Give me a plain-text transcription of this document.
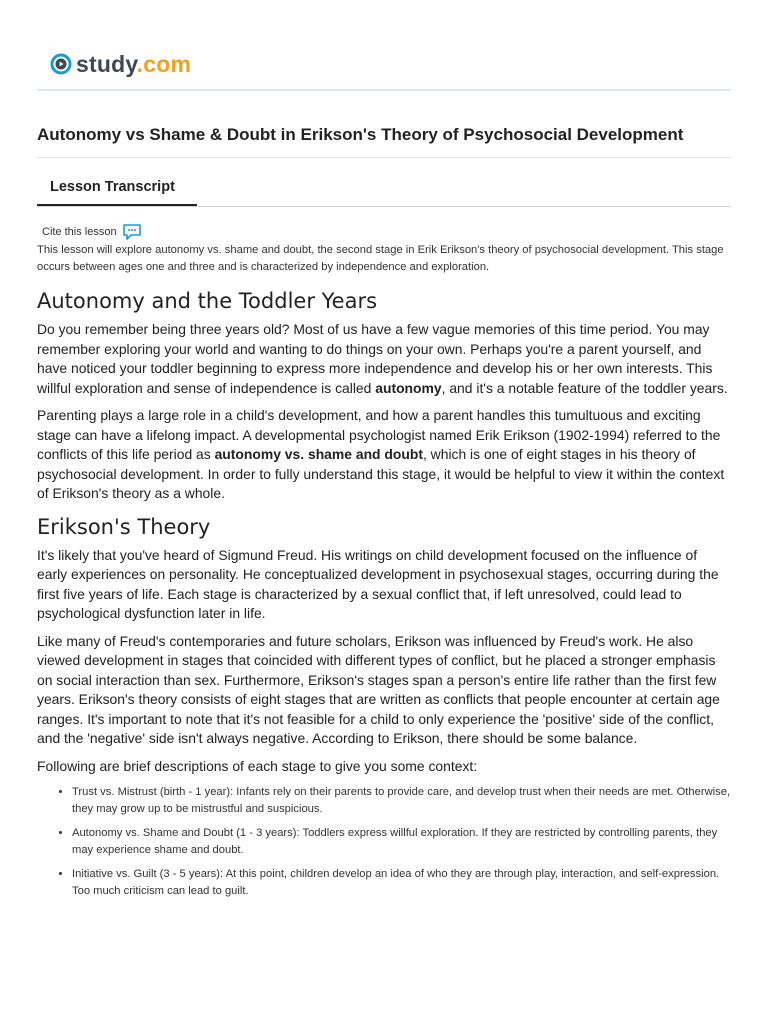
study.com
Autonomy vs Shame & Doubt in Erikson's Theory of Psychosocial Development
Lesson Transcript
Cite this lesson

This lesson will explore autonomy vs. shame and doubt, the second stage in Erik Erikson's theory of psychosocial development. This stage occurs between ages one and three and is characterized by independence and exploration.

Autonomy and the Toddler Years

Do you remember being three years old? Most of us have a few vague memories of this time period. You may remember exploring your world and wanting to do things on your own. Perhaps you're a parent yourself, and have noticed your toddler beginning to express more independence and develop his or her own interests. This willful exploration and sense of independence is called autonomy, and it's a notable feature of the toddler years.

Parenting plays a large role in a child's development, and how a parent handles this tumultuous and exciting stage can have a lifelong impact. A developmental psychologist named Erik Erikson (1902-1994) referred to the conflicts of this life period as autonomy vs. shame and doubt, which is one of eight stages in his theory of psychosocial development. In order to fully understand this stage, it would be helpful to view it within the context of Erikson's theory as a whole.

Erikson's Theory

It's likely that you've heard of Sigmund Freud. His writings on child development focused on the influence of early experiences on personality. He conceptualized development in psychosexual stages, occurring during the first five years of life. Each stage is characterized by a sexual conflict that, if left unresolved, could lead to psychological dysfunction later in life.

Like many of Freud's contemporaries and future scholars, Erikson was influenced by Freud's work. He also viewed development in stages that coincided with different types of conflict, but he placed a stronger emphasis on social interaction than sex. Furthermore, Erikson's stages span a person's entire life rather than the first few years. Erikson's theory consists of eight stages that are written as conflicts that people encounter at certain age ranges. It's important to note that it's not feasible for a child to only experience the 'positive' side of the conflict, and the 'negative' side isn't always negative. According to Erikson, there should be some balance.

Following are brief descriptions of each stage to give you some context:

• Trust vs. Mistrust (birth - 1 year): Infants rely on their parents to provide care, and develop trust when their needs are met. Otherwise, they may grow up to be mistrustful and suspicious.
• Autonomy vs. Shame and Doubt (1 - 3 years): Toddlers express willful exploration. If they are restricted by controlling parents, they may experience shame and doubt.
• Initiative vs. Guilt (3 - 5 years): At this point, children develop an idea of who they are through play, interaction, and self-expression. Too much criticism can lead to guilt.
